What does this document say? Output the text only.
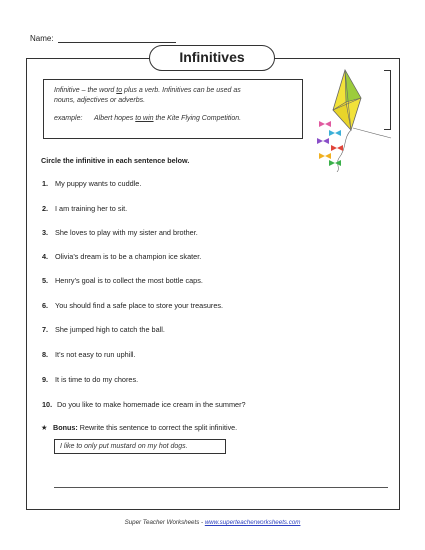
Name:
Infinitives
Infinitive – the word to plus a verb. Infinitives can be used as
nouns, adjectives or adverbs.
example: Albert hopes to win the Kite Flying Competition.
Circle the infinitive in each sentence below.
1. My puppy wants to cuddle.
2. I am training her to sit.
3. She loves to play with my sister and brother.
4. Olivia’s dream is to be a champion ice skater.
5. Henry’s goal is to collect the most bottle caps.
6. You should find a safe place to store your treasures.
7. She jumped high to catch the ball.
8. It’s not easy to run uphill.
9. It is time to do my chores.
10. Do you like to make homemade ice cream in the summer?
★ Bonus: Rewrite this sentence to correct the split infinitive.
I like to only put mustard on my hot dogs.
Super Teacher Worksheets - www.superteacherworksheets.com
